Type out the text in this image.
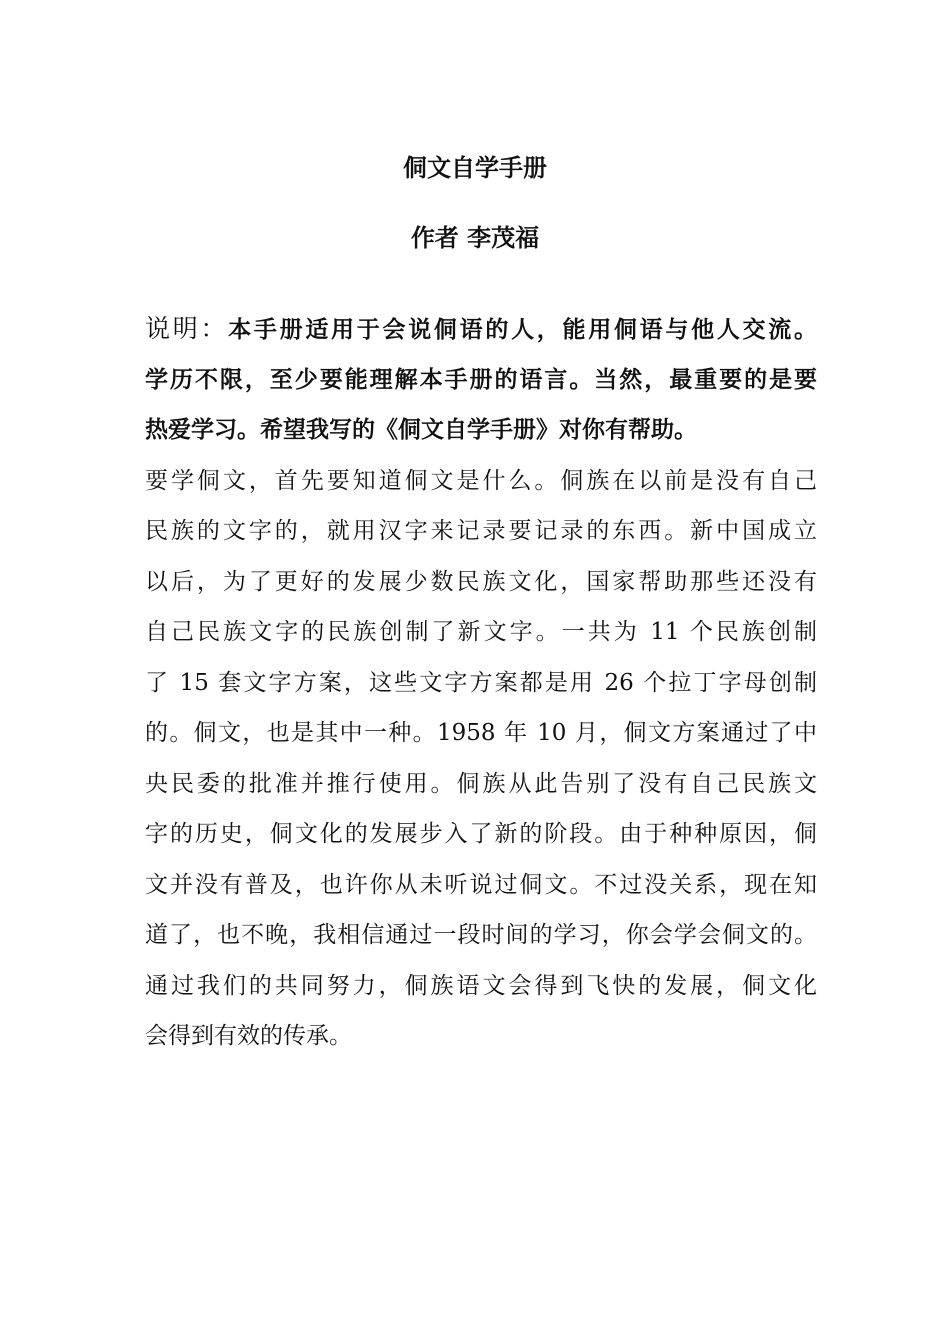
侗文自学手册
作者 李茂福
说明：本手册适用于会说侗语的人，能用侗语与他人交流。
学历不限，至少要能理解本手册的语言。当然，最重要的是要
热爱学习。希望我写的《侗文自学手册》对你有帮助。
要学侗文，首先要知道侗文是什么。侗族在以前是没有自己
民族的文字的，就用汉字来记录要记录的东西。新中国成立
以后，为了更好的发展少数民族文化，国家帮助那些还没有
自己民族文字的民族创制了新文字。一共为 11 个民族创制
了 15 套文字方案，这些文字方案都是用 26 个拉丁字母创制
的。侗文，也是其中一种。1958 年 10 月，侗文方案通过了中
央民委的批准并推行使用。侗族从此告别了没有自己民族文
字的历史，侗文化的发展步入了新的阶段。由于种种原因，侗
文并没有普及，也许你从未听说过侗文。不过没关系，现在知
道了，也不晚，我相信通过一段时间的学习，你会学会侗文的。
通过我们的共同努力，侗族语文会得到飞快的发展，侗文化
会得到有效的传承。
